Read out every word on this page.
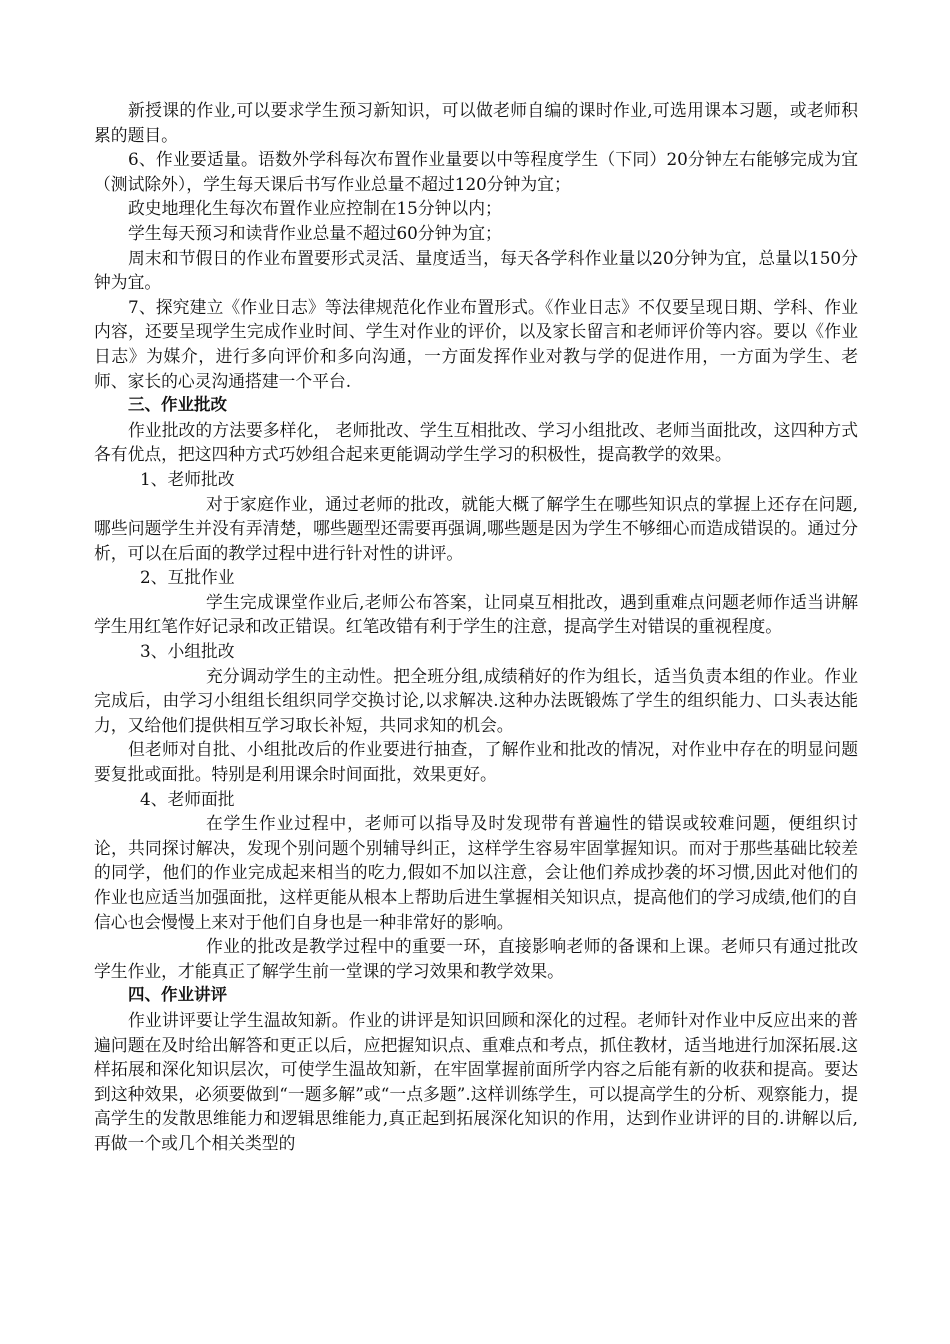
新授课的作业,可以要求学生预习新知识，可以做老师自编的课时作业,可选用课本习题，或老师积累的题目。

6、作业要适量。语数外学科每次布置作业量要以中等程度学生（下同）20分钟左右能够完成为宜（测试除外），学生每天课后书写作业总量不超过120分钟为宜；

政史地理化生每次布置作业应控制在15分钟以内；

学生每天预习和读背作业总量不超过60分钟为宜；

周末和节假日的作业布置要形式灵活、量度适当，每天各学科作业量以20分钟为宜，总量以150分钟为宜。

7、探究建立《作业日志》等法律规范化作业布置形式。《作业日志》不仅要呈现日期、学科、作业内容，还要呈现学生完成作业时间、学生对作业的评价，以及家长留言和老师评价等内容。要以《作业日志》为媒介，进行多向评价和多向沟通，一方面发挥作业对教与学的促进作用，一方面为学生、老师、家长的心灵沟通搭建一个平台.

三、作业批改

作业批改的方法要多样化， 老师批改、学生互相批改、学习小组批改、老师当面批改，这四种方式各有优点，把这四种方式巧妙组合起来更能调动学生学习的积极性，提高教学的效果。

1、老师批改

对于家庭作业，通过老师的批改，就能大概了解学生在哪些知识点的掌握上还存在问题,哪些问题学生并没有弄清楚，哪些题型还需要再强调,哪些题是因为学生不够细心而造成错误的。通过分析，可以在后面的教学过程中进行针对性的讲评。

2、互批作业

学生完成课堂作业后,老师公布答案，让同桌互相批改，遇到重难点问题老师作适当讲解学生用红笔作好记录和改正错误。红笔改错有利于学生的注意，提高学生对错误的重视程度。

3、小组批改

充分调动学生的主动性。把全班分组,成绩稍好的作为组长，适当负责本组的作业。作业完成后，由学习小组组长组织同学交换讨论,以求解决.这种办法既锻炼了学生的组织能力、口头表达能力，又给他们提供相互学习取长补短，共同求知的机会。

但老师对自批、小组批改后的作业要进行抽查，了解作业和批改的情况，对作业中存在的明显问题要复批或面批。特别是利用课余时间面批，效果更好。

4、老师面批

在学生作业过程中，老师可以指导及时发现带有普遍性的错误或较难问题，便组织讨论，共同探讨解决，发现个别问题个别辅导纠正，这样学生容易牢固掌握知识。而对于那些基础比较差的同学，他们的作业完成起来相当的吃力,假如不加以注意，会让他们养成抄袭的坏习惯,因此对他们的作业也应适当加强面批，这样更能从根本上帮助后进生掌握相关知识点，提高他们的学习成绩,他们的自信心也会慢慢上来对于他们自身也是一种非常好的影响。

作业的批改是教学过程中的重要一环，直接影响老师的备课和上课。老师只有通过批改学生作业，才能真正了解学生前一堂课的学习效果和教学效果。

四、作业讲评

作业讲评要让学生温故知新。作业的讲评是知识回顾和深化的过程。老师针对作业中反应出来的普遍问题在及时给出解答和更正以后，应把握知识点、重难点和考点，抓住教材，适当地进行加深拓展.这样拓展和深化知识层次，可使学生温故知新，在牢固掌握前面所学内容之后能有新的收获和提高。要达到这种效果，必须要做到“一题多解”或“一点多题”.这样训练学生，可以提高学生的分析、观察能力，提高学生的发散思维能力和逻辑思维能力,真正起到拓展深化知识的作用，达到作业讲评的目的.讲解以后,再做一个或几个相关类型的
